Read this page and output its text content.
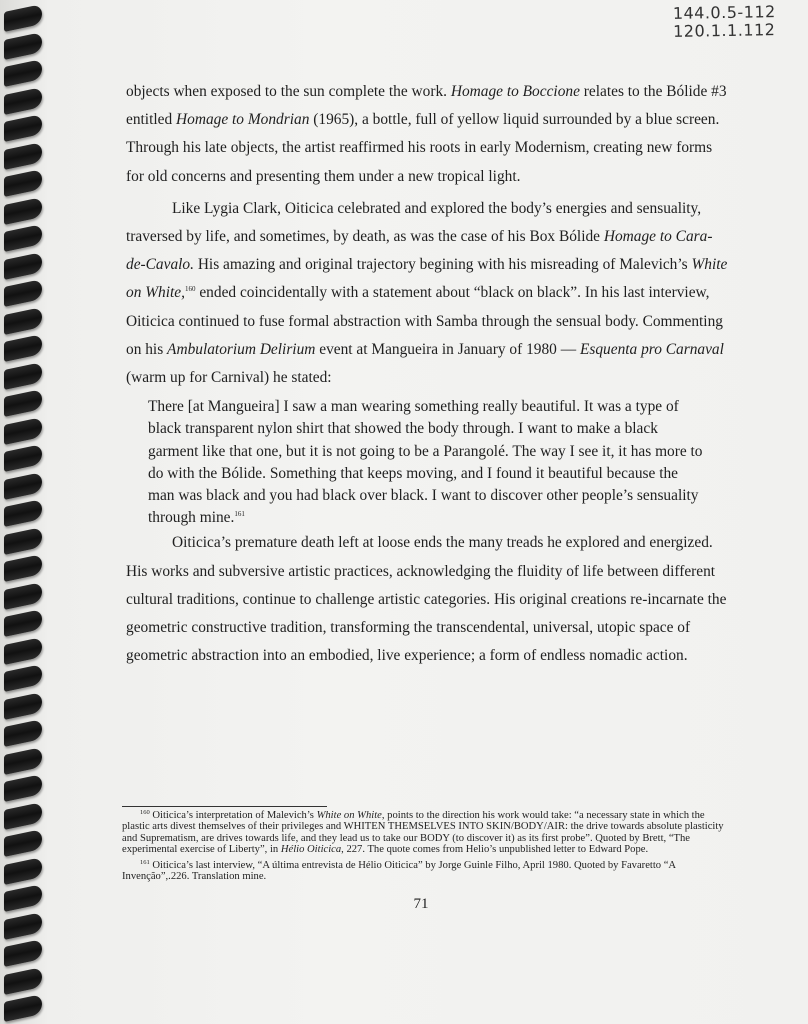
144.0.5-112
120.1.1.112

objects when exposed to the sun complete the work. Homage to Boccione relates to the Bólide #3 entitled Homage to Mondrian (1965), a bottle, full of yellow liquid surrounded by a blue screen. Through his late objects, the artist reaffirmed his roots in early Modernism, creating new forms for old concerns and presenting them under a new tropical light.

Like Lygia Clark, Oiticica celebrated and explored the body’s energies and sensuality, traversed by life, and sometimes, by death, as was the case of his Box Bólide Homage to Cara-de-Cavalo. His amazing and original trajectory begining with his misreading of Malevich’s White on White,$^{160}$ ended coincidentally with a statement about “black on black”. In his last interview, Oiticica continued to fuse formal abstraction with Samba through the sensual body. Commenting on his Ambulatorium Delirium event at Mangueira in January of 1980 — Esquenta pro Carnaval (warm up for Carnival) he stated:

There [at Mangueira] I saw a man wearing something really beautiful. It was a type of black transparent nylon shirt that showed the body through. I want to make a black garment like that one, but it is not going to be a Parangolé. The way I see it, it has more to do with the Bólide. Something that keeps moving, and I found it beautiful because the man was black and you had black over black. I want to discover other people’s sensuality through mine.$^{161}$

Oiticica’s premature death left at loose ends the many treads he explored and energized. His works and subversive artistic practices, acknowledging the fluidity of life between different cultural traditions, continue to challenge artistic categories. His original creations re-incarnate the geometric constructive tradition, transforming the transcendental, universal, utopic space of geometric abstraction into an embodied, live experience; a form of endless nomadic action.

$^{160}$ Oiticica’s interpretation of Malevich’s White on White, points to the direction his work would take: “a necessary state in which the plastic arts divest themselves of their privileges and WHITEN THEMSELVES INTO SKIN/BODY/AIR: the drive towards absolute plasticity and Suprematism, are drives towards life, and they lead us to take our BODY (to discover it) as its first probe”. Quoted by Brett, “The experimental exercise of Liberty”, in Hélio Oiticica, 227. The quote comes from Helio’s unpublished letter to Edward Pope.

$^{161}$ Oiticica’s last interview, “A última entrevista de Hélio Oiticica” by Jorge Guinle Filho, April 1980. Quoted by Favaretto “A Invenção”,.226. Translation mine.

71
